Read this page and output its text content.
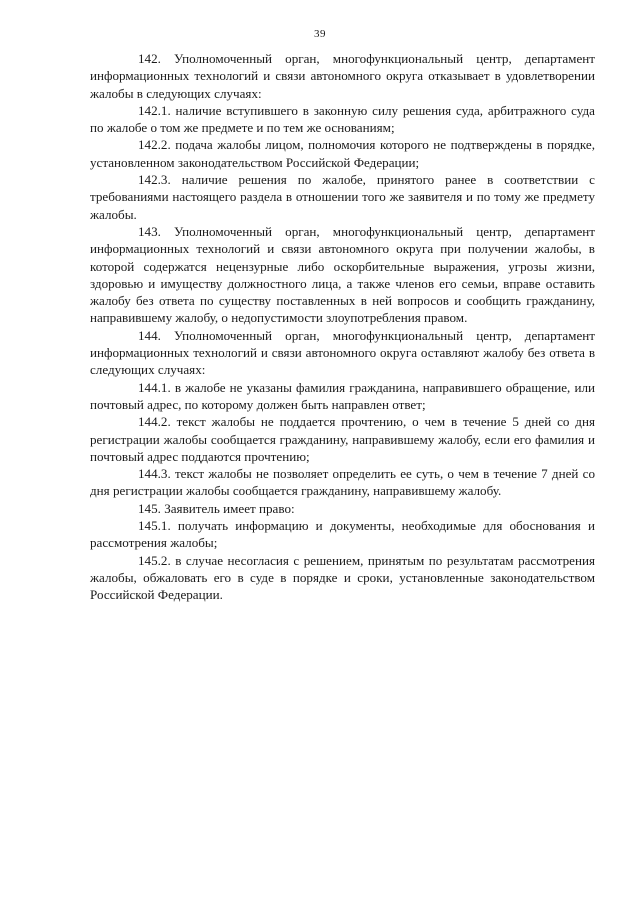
39

142. Уполномоченный орган, многофункциональный центр, департамент информационных технологий и связи автономного округа отказывает в удовлетворении жалобы в следующих случаях:

142.1. наличие вступившего в законную силу решения суда, арбитражного суда по жалобе о том же предмете и по тем же основаниям;

142.2. подача жалобы лицом, полномочия которого не подтверждены в порядке, установленном законодательством Российской Федерации;

142.3. наличие решения по жалобе, принятого ранее в соответствии с требованиями настоящего раздела в отношении того же заявителя и по тому же предмету жалобы.

143. Уполномоченный орган, многофункциональный центр, департамент информационных технологий и связи автономного округа при получении жалобы, в которой содержатся нецензурные либо оскорбительные выражения, угрозы жизни, здоровью и имуществу должностного лица, а также членов его семьи, вправе оставить жалобу без ответа по существу поставленных в ней вопросов и сообщить гражданину, направившему жалобу, о недопустимости злоупотребления правом.

144. Уполномоченный орган, многофункциональный центр, департамент информационных технологий и связи автономного округа оставляют жалобу без ответа в следующих случаях:

144.1. в жалобе не указаны фамилия гражданина, направившего обращение, или почтовый адрес, по которому должен быть направлен ответ;

144.2. текст жалобы не поддается прочтению, о чем в течение 5 дней со дня регистрации жалобы сообщается гражданину, направившему жалобу, если его фамилия и почтовый адрес поддаются прочтению;

144.3. текст жалобы не позволяет определить ее суть, о чем в течение 7 дней со дня регистрации жалобы сообщается гражданину, направившему жалобу.

145. Заявитель имеет право:

145.1. получать информацию и документы, необходимые для обоснования и рассмотрения жалобы;

145.2. в случае несогласия с решением, принятым по результатам рассмотрения жалобы, обжаловать его в суде в порядке и сроки, установленные законодательством Российской Федерации.
